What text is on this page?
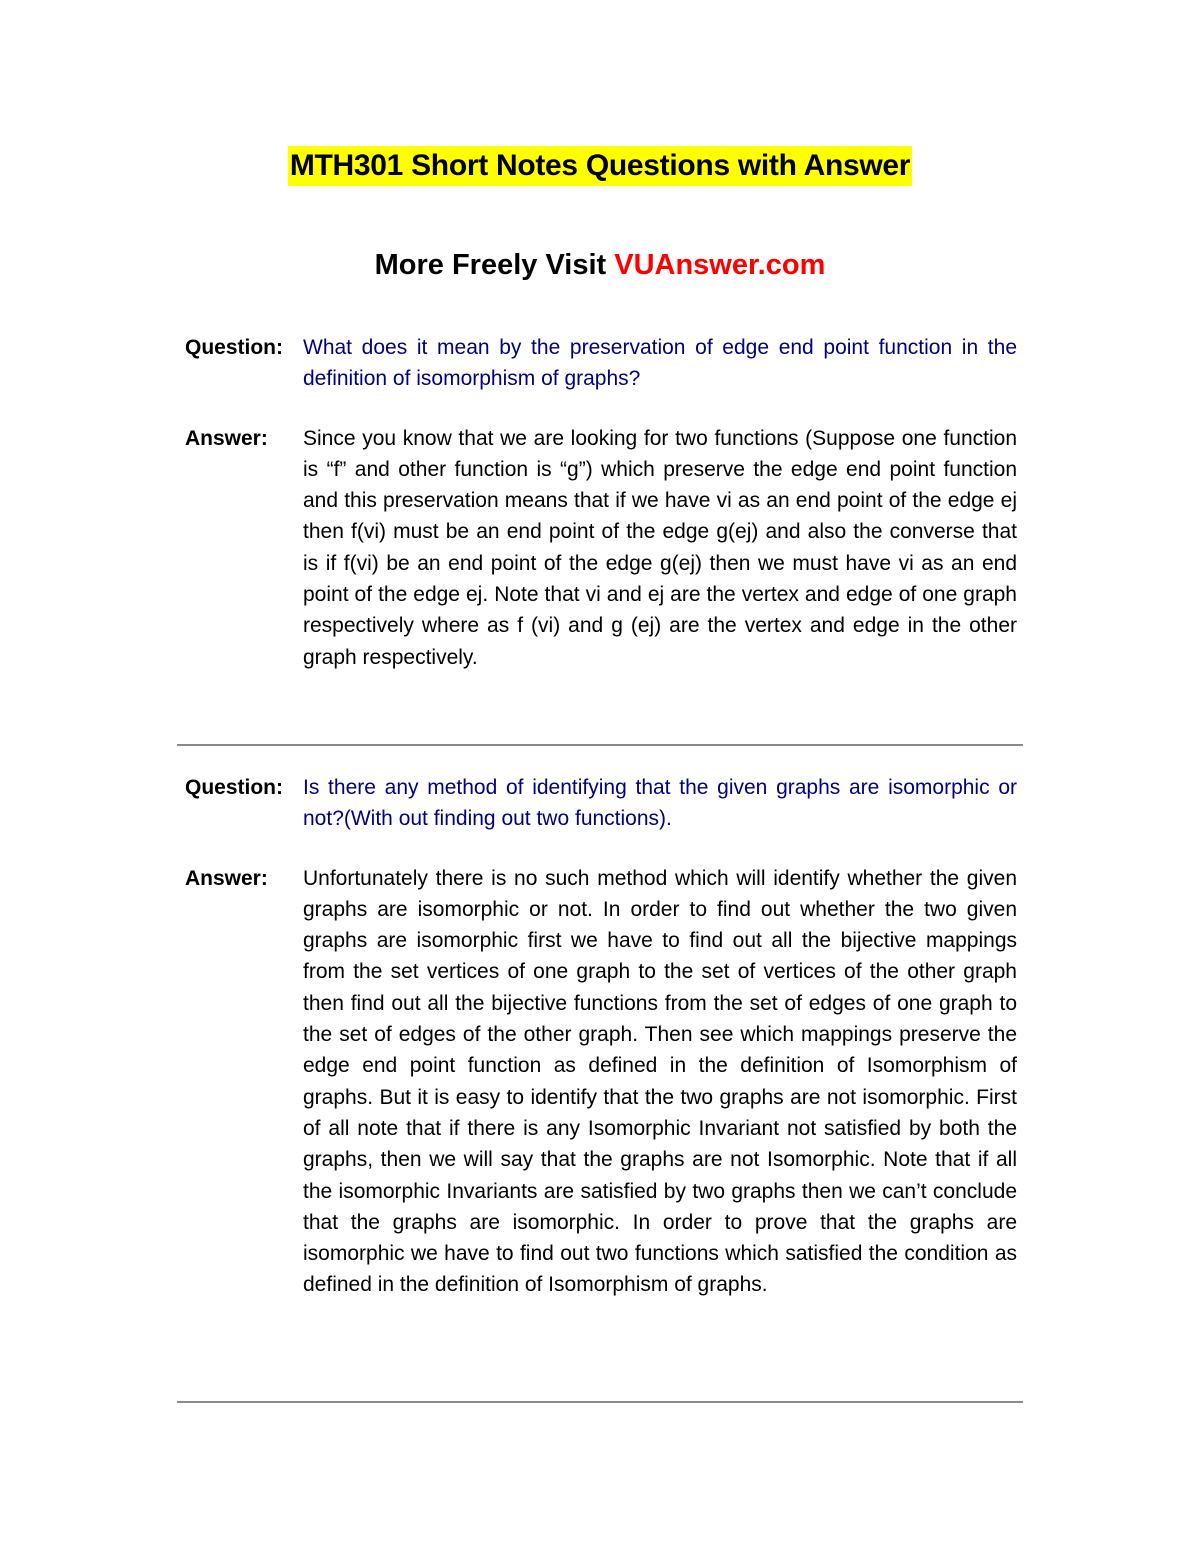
MTH301 Short Notes Questions with Answer
More Freely Visit VUAnswer.com
Question: What does it mean by the preservation of edge end point function in the definition of isomorphism of graphs?
Answer: Since you know that we are looking for two functions (Suppose one function is “f” and other function is “g”) which preserve the edge end point function and this preservation means that if we have vi as an end point of the edge ej then f(vi) must be an end point of the edge g(ej) and also the converse that is if f(vi) be an end point of the edge g(ej) then we must have vi as an end point of the edge ej. Note that vi and ej are the vertex and edge of one graph respectively where as f (vi) and g (ej) are the vertex and edge in the other graph respectively.
Question: Is there any method of identifying that the given graphs are isomorphic or not?(With out finding out two functions).
Answer: Unfortunately there is no such method which will identify whether the given graphs are isomorphic or not. In order to find out whether the two given graphs are isomorphic first we have to find out all the bijective mappings from the set vertices of one graph to the set of vertices of the other graph then find out all the bijective functions from the set of edges of one graph to the set of edges of the other graph. Then see which mappings preserve the edge end point function as defined in the definition of Isomorphism of graphs. But it is easy to identify that the two graphs are not isomorphic. First of all note that if there is any Isomorphic Invariant not satisfied by both the graphs, then we will say that the graphs are not Isomorphic. Note that if all the isomorphic Invariants are satisfied by two graphs then we can’t conclude that the graphs are isomorphic. In order to prove that the graphs are isomorphic we have to find out two functions which satisfied the condition as defined in the definition of Isomorphism of graphs.
